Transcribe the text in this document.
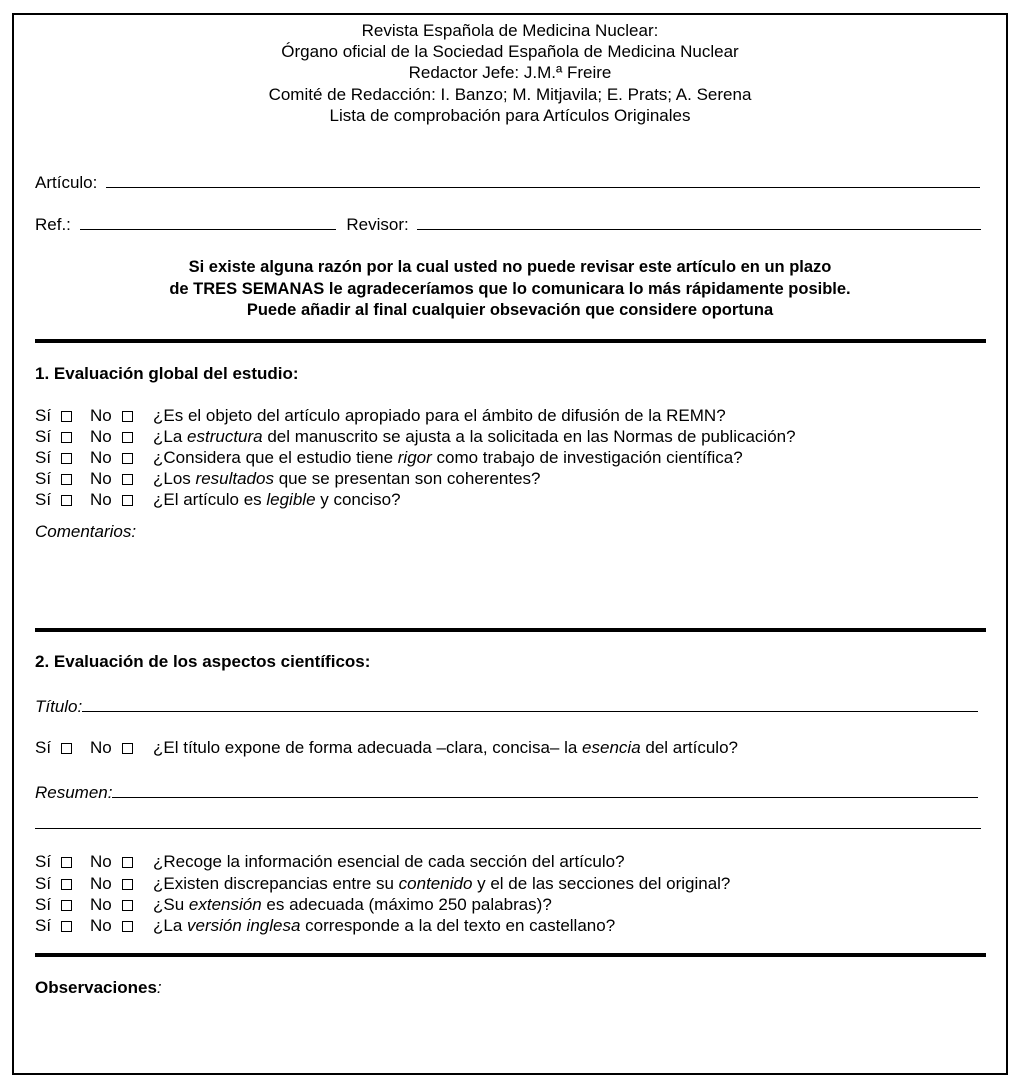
Revista Española de Medicina Nuclear:
Órgano oficial de la Sociedad Española de Medicina Nuclear
Redactor Jefe: J.M.ª Freire
Comité de Redacción: I. Banzo; M. Mitjavila; E. Prats; A. Serena
Lista de comprobación para Artículos Originales
Artículo:
Ref.:	Revisor:
Si existe alguna razón por la cual usted no puede revisar este artículo en un plazo
de TRES SEMANAS le agradeceríamos que lo comunicara lo más rápidamente posible.
Puede añadir al final cualquier obsevación que considere oportuna
1. Evaluación global del estudio:
Sí	No	¿Es el objeto del artículo apropiado para el ámbito de difusión de la REMN?
Sí	No	¿La estructura del manuscrito se ajusta a la solicitada en las Normas de publicación?
Sí	No	¿Considera que el estudio tiene rigor como trabajo de investigación científica?
Sí	No	¿Los resultados que se presentan son coherentes?
Sí	No	¿El artículo es legible y conciso?
Comentarios:
2. Evaluación de los aspectos científicos:
Título:
Sí	No	¿El título expone de forma adecuada –clara, concisa– la esencia del artículo?
Resumen:
Sí	No	¿Recoge la información esencial de cada sección del artículo?
Sí	No	¿Existen discrepancias entre su contenido y el de las secciones del original?
Sí	No	¿Su extensión es adecuada (máximo 250 palabras)?
Sí	No	¿La versión inglesa corresponde a la del texto en castellano?
Observaciones:
